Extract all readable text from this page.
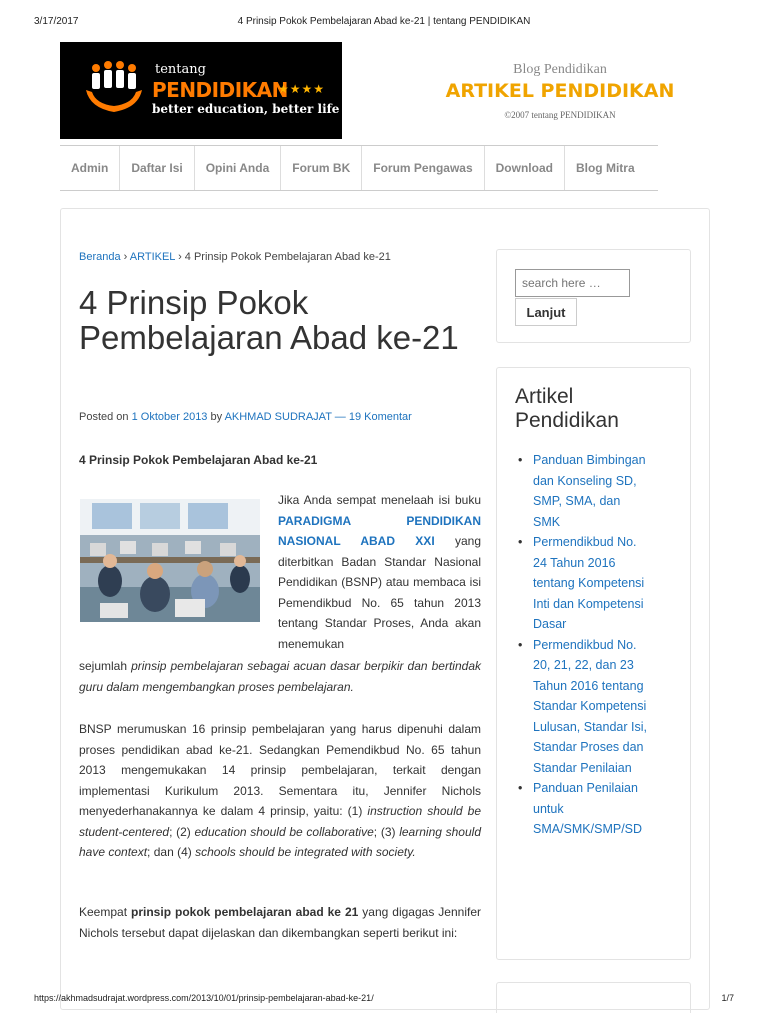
3/17/2017	4 Prinsip Pokok Pembelajaran Abad ke-21 | tentang PENDIDIKAN
tentang
PENDIDIKAN
★★★★
better education, better life
Blog Pendidikan
ARTIKEL PENDIDIKAN
©2007 tentang PENDIDIKAN
Admin	Daftar Isi	Opini Anda	Forum BK	Forum Pengawas	Download	Blog Mitra
Beranda › ARTIKEL › 4 Prinsip Pokok Pembelajaran Abad ke-21
4 Prinsip Pokok Pembelajaran Abad ke-21
Posted on 1 Oktober 2013 by AKHMAD SUDRAJAT — 19 Komentar
4 Prinsip Pokok Pembelajaran Abad ke-21
Jika Anda sempat menelaah isi buku PARADIGMA PENDIDIKAN NASIONAL ABAD XXI yang diterbitkan Badan Standar Nasional Pendidikan (BSNP) atau membaca isi Pemendikbud No. 65 tahun 2013 tentang Standar Proses, Anda akan menemukan
sejumlah prinsip pembelajaran sebagai acuan dasar berpikir dan bertindak guru dalam mengembangkan proses pembelajaran.
BNSP merumuskan 16 prinsip pembelajaran yang harus dipenuhi dalam proses pendidikan abad ke-21. Sedangkan Pemendikbud No. 65 tahun 2013 mengemukakan 14 prinsip pembelajaran, terkait dengan implementasi Kurikulum 2013. Sementara itu, Jennifer Nichols menyederhanakannya ke dalam 4 prinsip, yaitu: (1) instruction should be student-centered; (2) education should be collaborative; (3) learning should have context; dan (4) schools should be integrated with society.
Keempat prinsip pokok pembelajaran abad ke 21 yang digagas Jennifer Nichols tersebut dapat dijelaskan dan dikembangkan seperti berikut ini:
search here …
Lanjut
Artikel Pendidikan
• Panduan Bimbingan dan Konseling SD, SMP, SMA, dan SMK
• Permendikbud No. 24 Tahun 2016 tentang Kompetensi Inti dan Kompetensi Dasar
• Permendikbud No. 20, 21, 22, dan 23 Tahun 2016 tentang Standar Kompetensi Lulusan, Standar Isi, Standar Proses dan Standar Penilaian
• Panduan Penilaian untuk SMA/SMK/SMP/SD
https://akhmadsudrajat.wordpress.com/2013/10/01/prinsip-pembelajaran-abad-ke-21/	1/7
